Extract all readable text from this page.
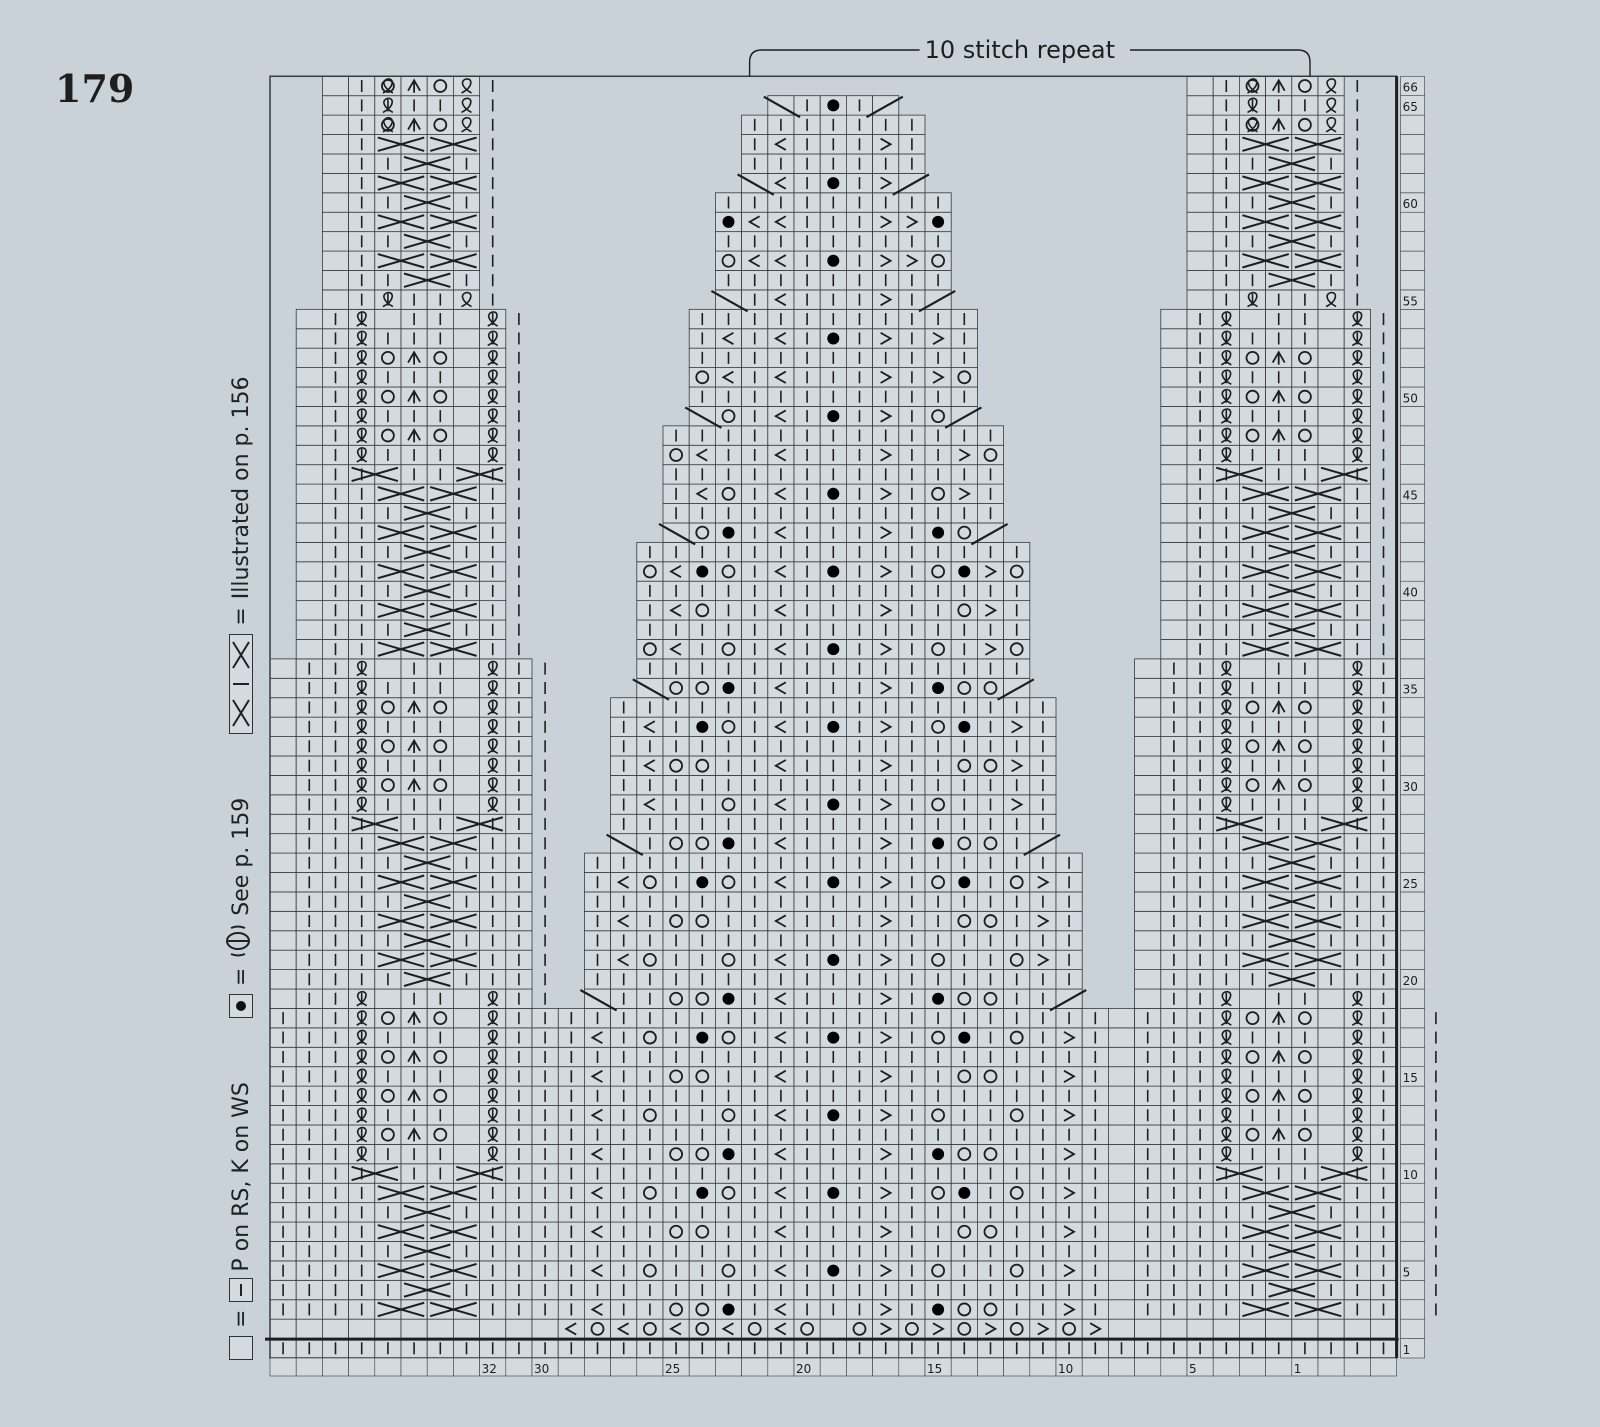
179
1
5
10
15
20
25
30
35
40
45
50
55
60
65
66
32	30	25	20	15	10	5	1
10 stitch repeat
=
P on RS, K on WS
=
See p. 159
=
Illustrated on p. 156
